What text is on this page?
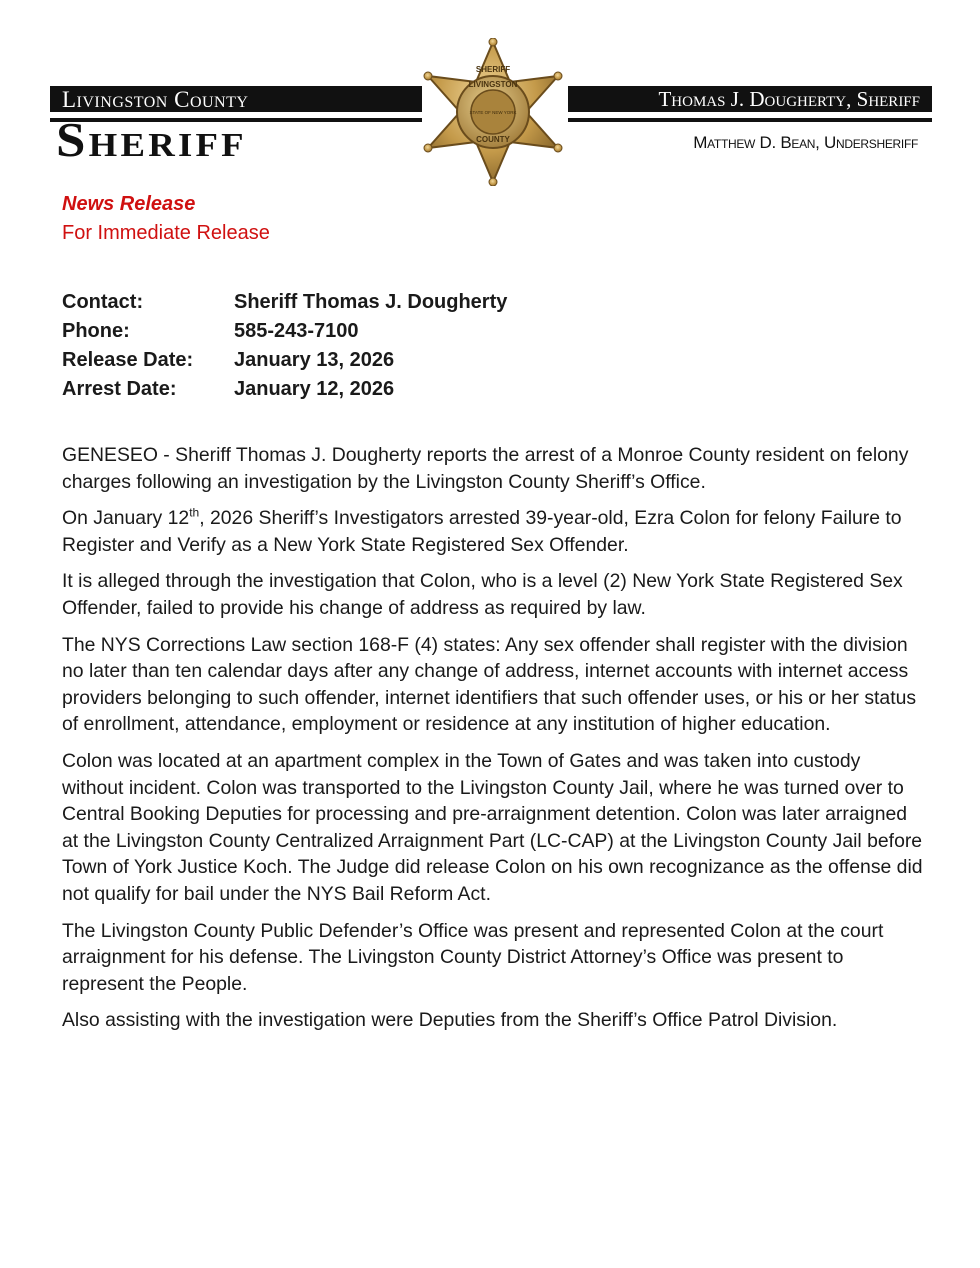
Livingston County
Sheriff
Thomas J. Dougherty, Sheriff
Matthew D. Bean, Undersheriff
SHERIFF
LIVINGSTON
STATE OF NEW YORK
COUNTY

News Release

For Immediate Release

Contact:	Sheriff Thomas J. Dougherty
Phone:	585-243-7100
Release Date:	January 13, 2026
Arrest Date:	January 12, 2026

GENESEO - Sheriff Thomas J. Dougherty reports the arrest of a Monroe County resident on felony charges following an investigation by the Livingston County Sheriff’s Office.

On January 12th, 2026 Sheriff’s Investigators arrested 39-year-old, Ezra Colon for felony Failure to Register and Verify as a New York State Registered Sex Offender.

It is alleged through the investigation that Colon, who is a level (2) New York State Registered Sex Offender, failed to provide his change of address as required by law.

The NYS Corrections Law section 168-F (4) states: Any sex offender shall register with the division no later than ten calendar days after any change of address, internet accounts with internet access providers belonging to such offender, internet identifiers that such offender uses, or his or her status of enrollment, attendance, employment or residence at any institution of higher education.

Colon was located at an apartment complex in the Town of Gates and was taken into custody without incident. Colon was transported to the Livingston County Jail, where he was turned over to Central Booking Deputies for processing and pre-arraignment detention. Colon was later arraigned at the Livingston County Centralized Arraignment Part (LC-CAP) at the Livingston County Jail before Town of York Justice Koch. The Judge did release Colon on his own recognizance as the offense did not qualify for bail under the NYS Bail Reform Act.

The Livingston County Public Defender’s Office was present and represented Colon at the court arraignment for his defense. The Livingston County District Attorney’s Office was present to represent the People.

Also assisting with the investigation were Deputies from the Sheriff’s Office Patrol Division.
